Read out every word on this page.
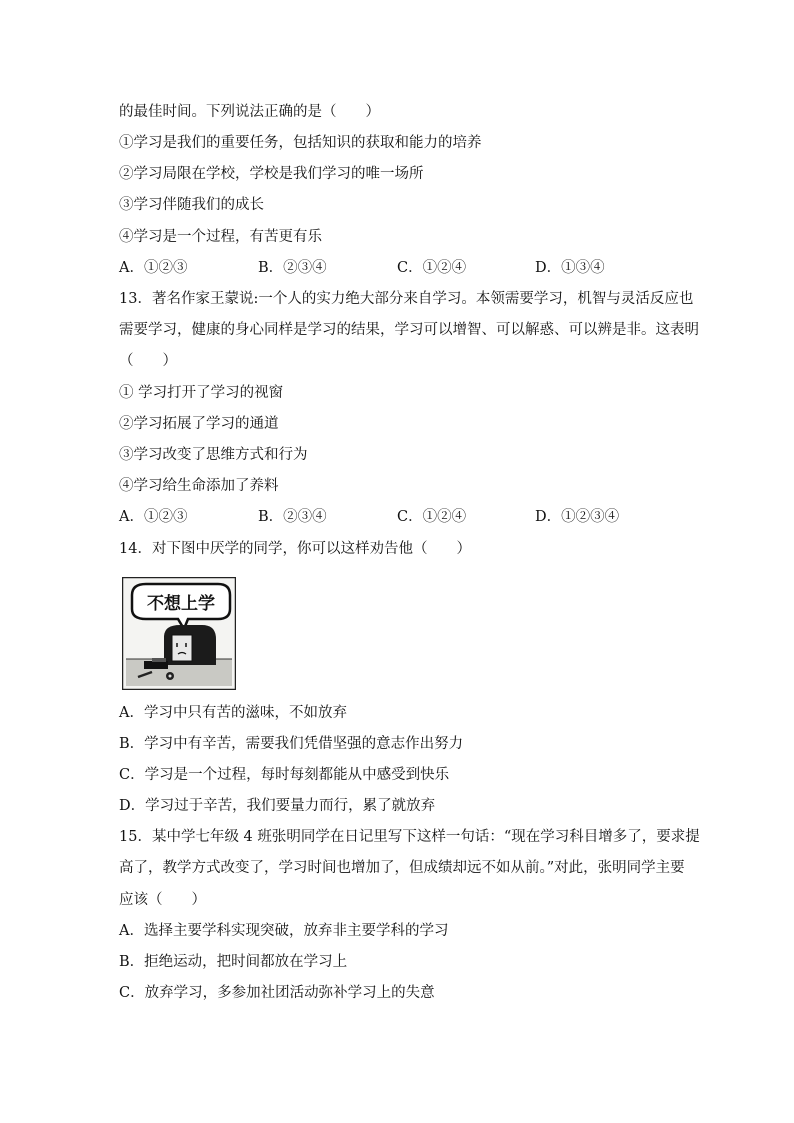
的最佳时间。下列说法正确的是（　　）
①学习是我们的重要任务，包括知识的获取和能力的培养
②学习局限在学校，学校是我们学习的唯一场所
③学习伴随我们的成长
④学习是一个过程，有苦更有乐
A．①②③	B．②③④	C．①②④	D．①③④
13．著名作家王蒙说:一个人的实力绝大部分来自学习。本领需要学习，机智与灵活反应也
需要学习，健康的身心同样是学习的结果，学习可以增智、可以解惑、可以辨是非。这表明
（　　）
① 学习打开了学习的视窗
②学习拓展了学习的通道
③学习改变了思维方式和行为
④学习给生命添加了养料
A．①②③	B．②③④	C．①②④	D．①②③④
14．对下图中厌学的同学，你可以这样劝告他（　　）
不想上学
A．学习中只有苦的滋味，不如放弃
B．学习中有辛苦，需要我们凭借坚强的意志作出努力
C．学习是一个过程，每时每刻都能从中感受到快乐
D．学习过于辛苦，我们要量力而行，累了就放弃
15．某中学七年级 4 班张明同学在日记里写下这样一句话：“现在学习科目增多了，要求提
高了，教学方式改变了，学习时间也增加了，但成绩却远不如从前。”对此，张明同学主要
应该（　　）
A．选择主要学科实现突破，放弃非主要学科的学习
B．拒绝运动，把时间都放在学习上
C．放弃学习，多参加社团活动弥补学习上的失意
